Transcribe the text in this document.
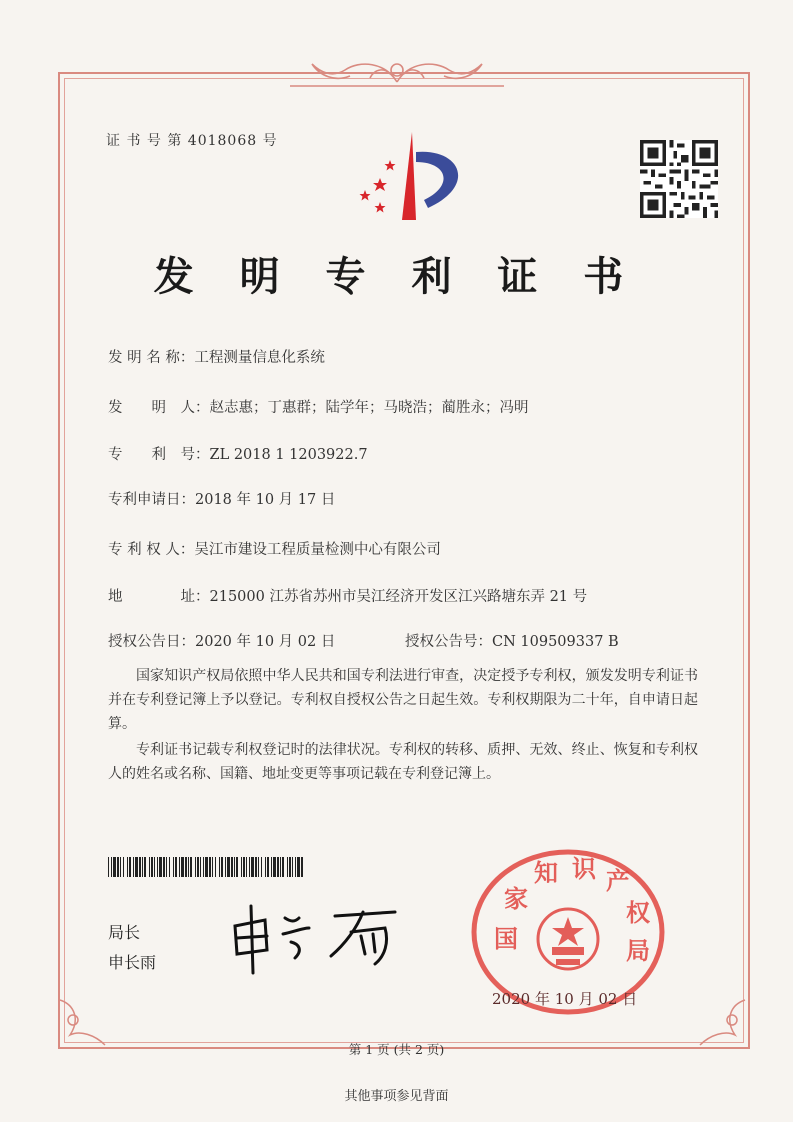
证 书 号 第 4018068 号
发 明 专 利 证 书
发 明 名 称：工程测量信息化系统
发　　明　人：赵志惠；丁惠群；陆学年；马晓浩；蔺胜永；冯明
专　　利　号：ZL 2018 1 1203922.7
专利申请日：2018 年 10 月 17 日
专 利 权 人：吴江市建设工程质量检测中心有限公司
地　　　　址：215000 江苏省苏州市吴江经济开发区江兴路塘东弄 21 号
授权公告日：2020 年 10 月 02 日	授权公告号：CN 109509337 B
国家知识产权局依照中华人民共和国专利法进行审查，决定授予专利权，颁发发明专利证书并在专利登记簿上予以登记。专利权自授权公告之日起生效。专利权期限为二十年，自申请日起算。
专利证书记载专利权登记时的法律状况。专利权的转移、质押、无效、终止、恢复和专利权人的姓名或名称、国籍、地址变更等事项记载在专利登记簿上。
局长
申长雨
国
家
知 识 产
权
局
2020 年 10 月 02 日
第 1 页 (共 2 页)
其他事项参见背面
